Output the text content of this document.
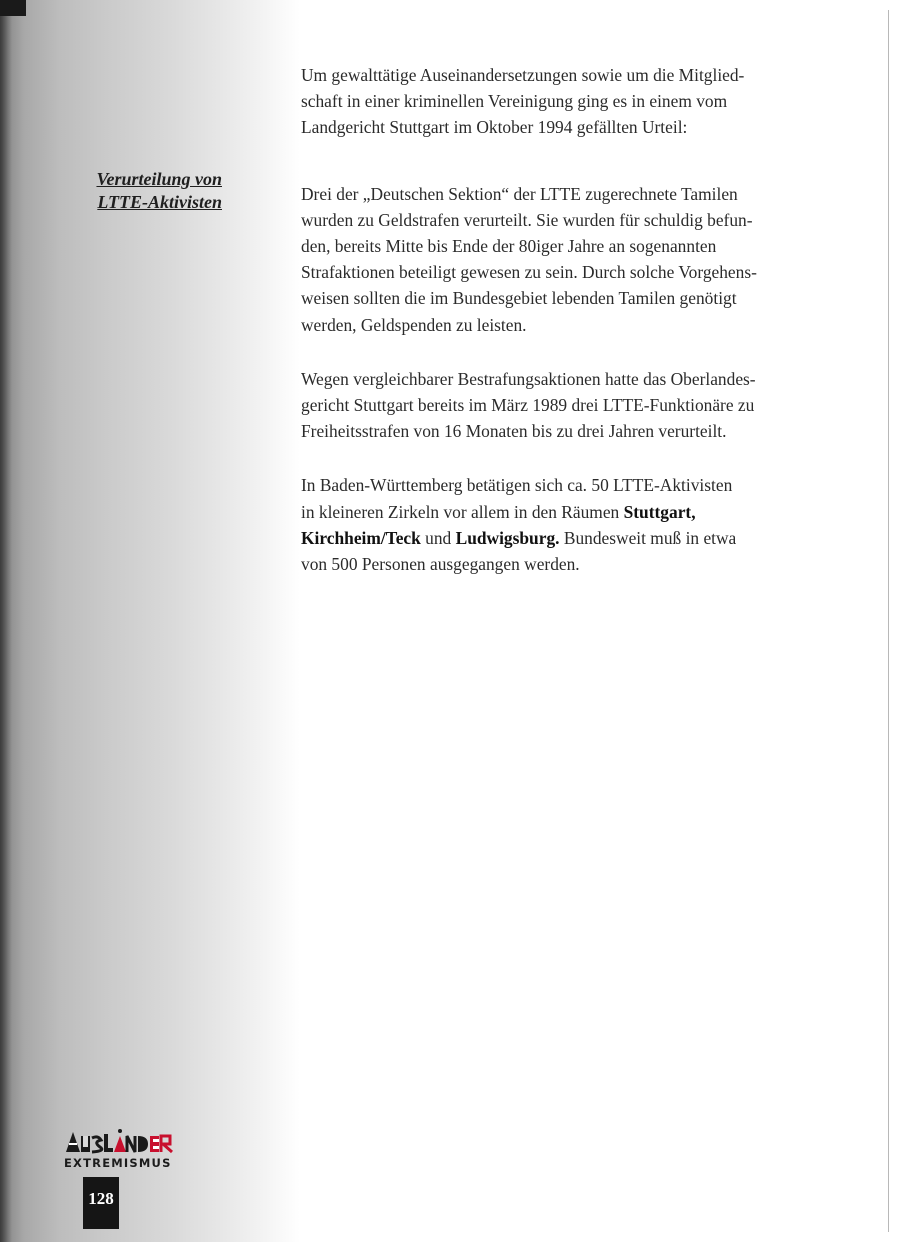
Verurteilung von
LTTE-Aktivisten

Um gewalttätige Auseinandersetzungen sowie um die Mitglied-
schaft in einer kriminellen Vereinigung ging es in einem vom
Landgericht Stuttgart im Oktober 1994 gefällten Urteil:

Drei der „Deutschen Sektion“ der LTTE zugerechnete Tamilen
wurden zu Geldstrafen verurteilt. Sie wurden für schuldig befun-
den, bereits Mitte bis Ende der 80iger Jahre an sogenannten
Strafaktionen beteiligt gewesen zu sein. Durch solche Vorgehens-
weisen sollten die im Bundesgebiet lebenden Tamilen genötigt
werden, Geldspenden zu leisten.

Wegen vergleichbarer Bestrafungsaktionen hatte das Oberlandes-
gericht Stuttgart bereits im März 1989 drei LTTE-Funktionäre zu
Freiheitsstrafen von 16 Monaten bis zu drei Jahren verurteilt.

In Baden-Württemberg betätigen sich ca. 50 LTTE-Aktivisten
in kleineren Zirkeln vor allem in den Räumen Stuttgart,
Kirchheim/Teck und Ludwigsburg. Bundesweit muß in etwa
von 500 Personen ausgegangen werden.

EXTREMISMUS
128
